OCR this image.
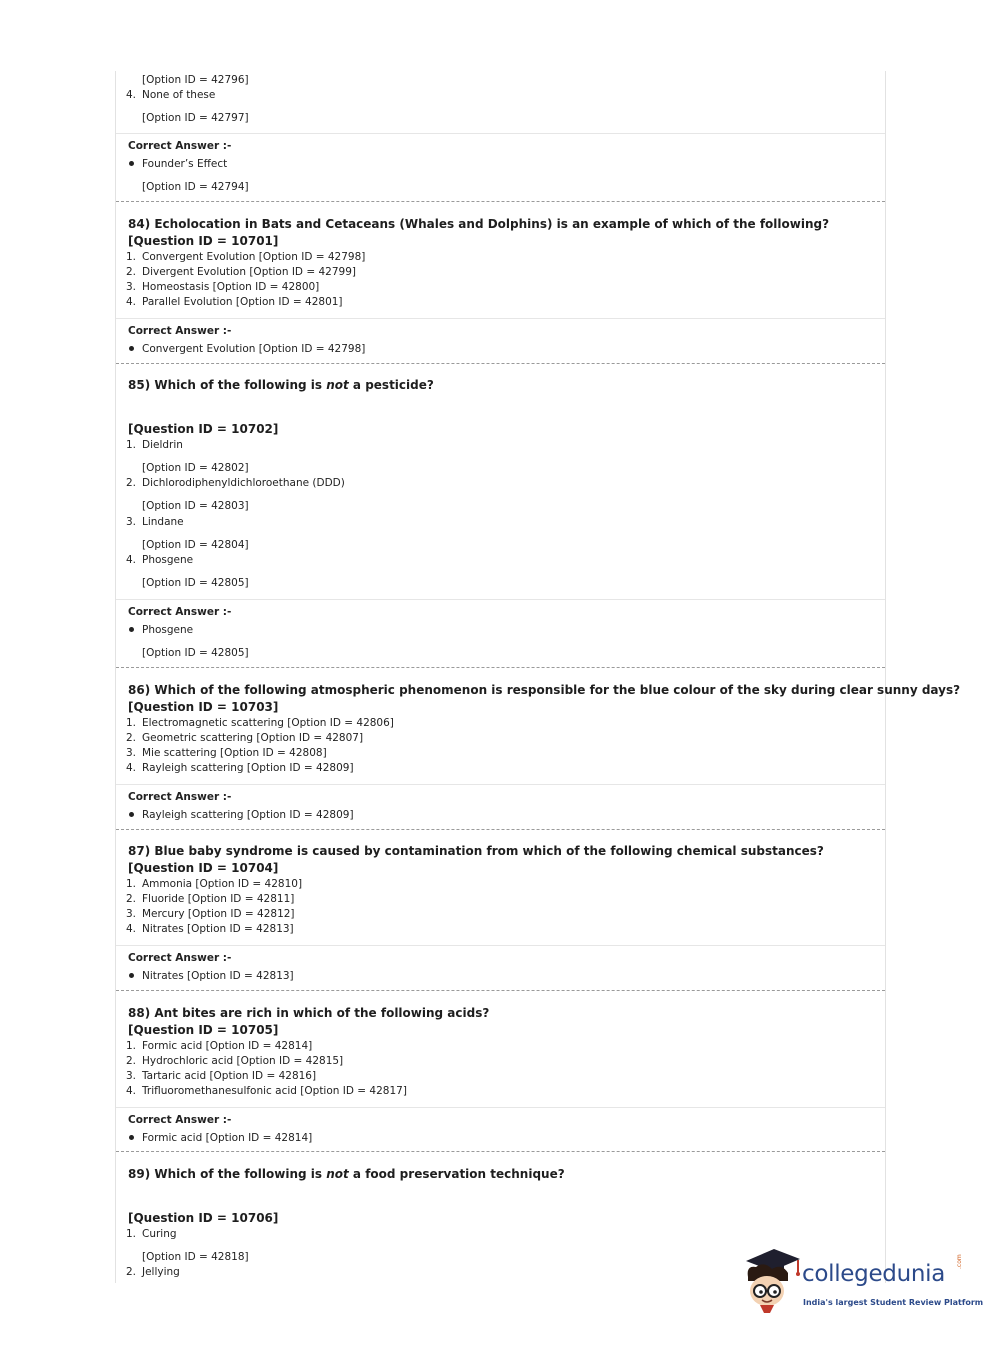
[Option ID = 42796]
4. None of these
[Option ID = 42797]
Correct Answer :-
Founder’s Effect
[Option ID = 42794]
84) Echolocation in Bats and Cetaceans (Whales and Dolphins) is an example of which of the following?
[Question ID = 10701]
1. Convergent Evolution [Option ID = 42798]
2. Divergent Evolution [Option ID = 42799]
3. Homeostasis [Option ID = 42800]
4. Parallel Evolution [Option ID = 42801]
Correct Answer :-
Convergent Evolution [Option ID = 42798]
85) Which of the following is not a pesticide?
[Question ID = 10702]
1. Dieldrin
[Option ID = 42802]
2. Dichlorodiphenyldichloroethane (DDD)
[Option ID = 42803]
3. Lindane
[Option ID = 42804]
4. Phosgene
[Option ID = 42805]
Correct Answer :-
Phosgene
[Option ID = 42805]
86) Which of the following atmospheric phenomenon is responsible for the blue colour of the sky during clear sunny days?
[Question ID = 10703]
1. Electromagnetic scattering [Option ID = 42806]
2. Geometric scattering [Option ID = 42807]
3. Mie scattering [Option ID = 42808]
4. Rayleigh scattering [Option ID = 42809]
Correct Answer :-
Rayleigh scattering [Option ID = 42809]
87) Blue baby syndrome is caused by contamination from which of the following chemical substances?
[Question ID = 10704]
1. Ammonia [Option ID = 42810]
2. Fluoride [Option ID = 42811]
3. Mercury [Option ID = 42812]
4. Nitrates [Option ID = 42813]
Correct Answer :-
Nitrates [Option ID = 42813]
88) Ant bites are rich in which of the following acids?
[Question ID = 10705]
1. Formic acid [Option ID = 42814]
2. Hydrochloric acid [Option ID = 42815]
3. Tartaric acid [Option ID = 42816]
4. Trifluoromethanesulfonic acid [Option ID = 42817]
Correct Answer :-
Formic acid [Option ID = 42814]
89) Which of the following is not a food preservation technique?
[Question ID = 10706]
1. Curing
[Option ID = 42818]
2. Jellying	collegedunia .com
India's largest Student Review Platform
